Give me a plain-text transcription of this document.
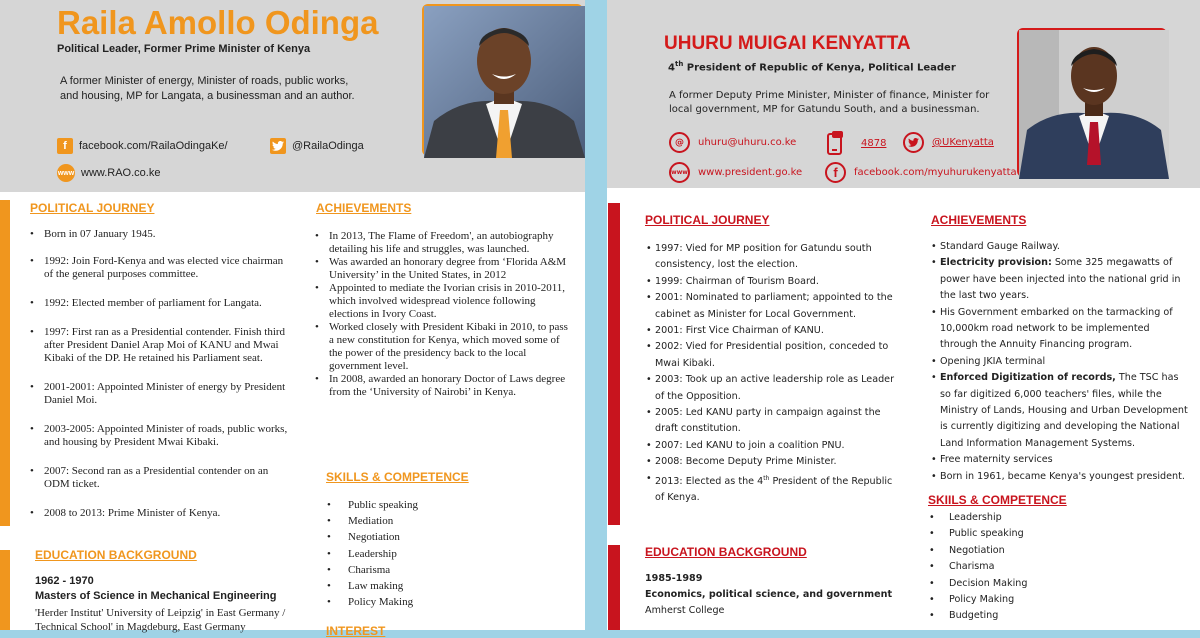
Raila Amollo Odinga
Political Leader, Former Prime Minister of Kenya
A former Minister of energy, Minister of roads, public works, and housing, MP for Langata, a businessman and an author.
f	facebook.com/RailaOdingaKe/	@RailaOdinga
www www.RAO.co.ke
POLITICAL JOURNEY
• Born in 07 January 1945.
• 1992: Join Ford-Kenya and was elected vice chairman of the general purposes committee.
• 1992: Elected member of parliament for Langata.
• 1997: First ran as a Presidential contender. Finish third after President Daniel Arap Moi of KANU and Mwai Kibaki of the DP. He retained his Parliament seat.
• 2001-2001: Appointed Minister of energy by President Daniel Moi.
• 2003-2005: Appointed Minister of roads, public works, and housing by President Mwai Kibaki.
• 2007: Second ran as a Presidential contender on an ODM ticket.
• 2008 to 2013: Prime Minister of Kenya.
EDUCATION BACKGROUND
1962 - 1970
Masters of Science in Mechanical Engineering
'Herder Institut' University of Leipzig' in East Germany / Technical School' in Magdeburg, East Germany
ACHIEVEMENTS
• In 2013, The Flame of Freedom', an autobiography detailing his life and struggles, was launched.
• Was awarded an honorary degree from ‘Florida A&M University’ in the United States, in 2012
• Appointed to mediate the Ivorian crisis in 2010-2011, which involved widespread violence following elections in Ivory Coast.
• Worked closely with President Kibaki in 2010, to pass a new constitution for Kenya, which moved some of the power of the presidency back to the local government level.
• In 2008, awarded an honorary Doctor of Laws degree from the ‘University of Nairobi’ in Kenya.
SKILLS & COMPETENCE
• Public speaking
• Mediation
• Negotiation
• Leadership
• Charisma
• Law making
• Policy Making
INTEREST
UHURU MUIGAI KENYATTA
4th President of Republic of Kenya, Political Leader
A former Deputy Prime Minister, Minister of finance, Minister for local government, MP for Gatundu South, and a businessman.
@	uhuru@uhuru.co.ke	4878	@UKenyatta
www www.president.go.ke	f	facebook.com/myuhurukenyatta
POLITICAL JOURNEY
• 1997: Vied for MP position for Gatundu south consistency, lost the election.
• 1999: Chairman of Tourism Board.
• 2001: Nominated to parliament; appointed to the cabinet as Minister for Local Government.
• 2001: First Vice Chairman of KANU.
• 2002: Vied for Presidential position, conceded to Mwai Kibaki.
• 2003: Took up an active leadership role as Leader of the Opposition.
• 2005: Led KANU party in campaign against the draft constitution.
• 2007: Led KANU to join a coalition PNU.
• 2008: Become Deputy Prime Minister.
• 2013: Elected as the 4th President of the Republic of Kenya.
EDUCATION BACKGROUND
1985-1989
Economics, political science, and government
Amherst College
ACHIEVEMENTS
• Standard Gauge Railway.
• Electricity provision: Some 325 megawatts of power have been injected into the national grid in the last two years.
• His Government embarked on the tarmacking of 10,000km road network to be implemented through the Annuity Financing program.
• Opening JKIA terminal
• Enforced Digitization of records, The TSC has so far digitized 6,000 teachers' files, while the Ministry of Lands, Housing and Urban Development is currently digitizing and developing the National Land Information Management Systems.
• Free maternity services
• Born in 1961, became Kenya's youngest president.
SKIILS & COMPETENCE
• Leadership
• Public speaking
• Negotiation
• Charisma
• Decision Making
• Policy Making
• Budgeting
